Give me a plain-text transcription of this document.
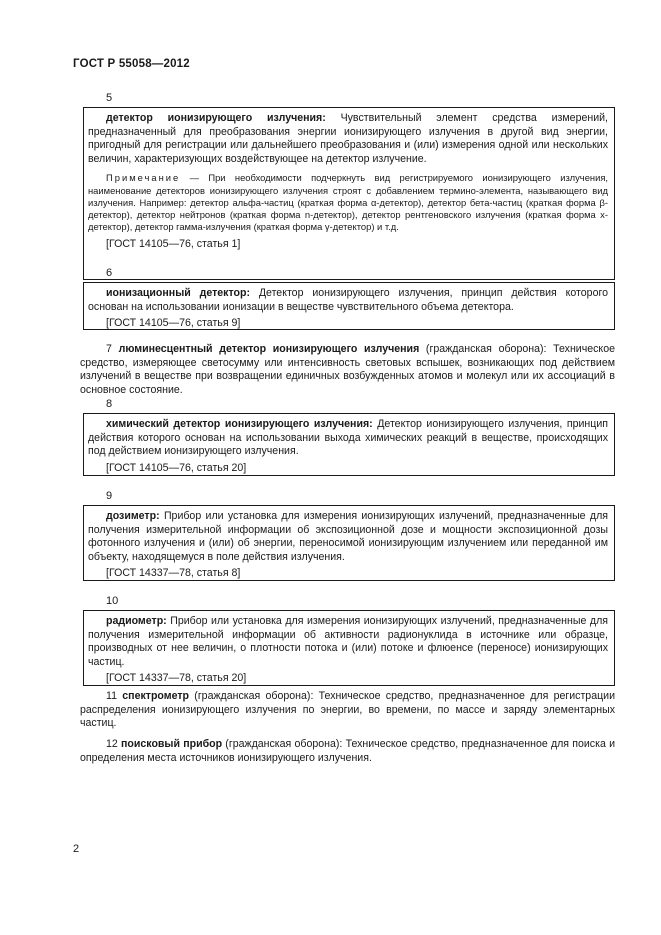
ГОСТ Р 55058—2012
5

детектор ионизирующего излучения: Чувствительный элемент средства измерений, предназначенный для преобразования энергии ионизирующего излучения в другой вид энергии, пригодный для регистрации или дальнейшего преобразования и (или) измерения одной или нескольких величин, характеризующих воздействующее на детектор излучение.

Примечание — При необходимости подчеркнуть вид регистрируемого ионизирующего излучения, наименование детекторов ионизирующего излучения строят с добавлением термино-элемента, называющего вид излучения. Например: детектор альфа-частиц (краткая форма α-детектор), детектор бета-частиц (краткая форма β-детектор), детектор нейтронов (краткая форма n-детектор), детектор рентгеновского излучения (краткая форма x-детектор), детектор гамма-излучения (краткая форма γ-детектор) и т.д.

[ГОСТ 14105—76, статья 1]

6

ионизационный детектор: Детектор ионизирующего излучения, принцип действия которого основан на использовании ионизации в веществе чувствительного объема детектора.

[ГОСТ 14105—76, статья 9]

7 люминесцентный детектор ионизирующего излучения (гражданская оборона): Техническое средство, измеряющее светосумму или интенсивность световых вспышек, возникающих под действием излучений в веществе при возвращении единичных возбужденных атомов и молекул или их ассоциаций в основное состояние.

8

химический детектор ионизирующего излучения: Детектор ионизирующего излучения, принцип действия которого основан на использовании выхода химических реакций в веществе, происходящих под действием ионизирующего излучения.

[ГОСТ 14105—76, статья 20]

9

дозиметр: Прибор или установка для измерения ионизирующих излучений, предназначенные для получения измерительной информации об экспозиционной дозе и мощности экспозиционной дозы фотонного излучения и (или) об энергии, переносимой ионизирующим излучением или переданной им объекту, находящемуся в поле действия излучения.

[ГОСТ 14337—78, статья 8]

10

радиометр: Прибор или установка для измерения ионизирующих излучений, предназначенные для получения измерительной информации об активности радионуклида в источнике или образце, производных от нее величин, о плотности потока и (или) потоке и флюенсе (переносе) ионизирующих частиц.

[ГОСТ 14337—78, статья 20]

11 спектрометр (гражданская оборона): Техническое средство, предназначенное для регистрации распределения ионизирующего излучения по энергии, во времени, по массе и заряду элементарных частиц.

12 поисковый прибор (гражданская оборона): Техническое средство, предназначенное для поиска и определения места источников ионизирующего излучения.

2
